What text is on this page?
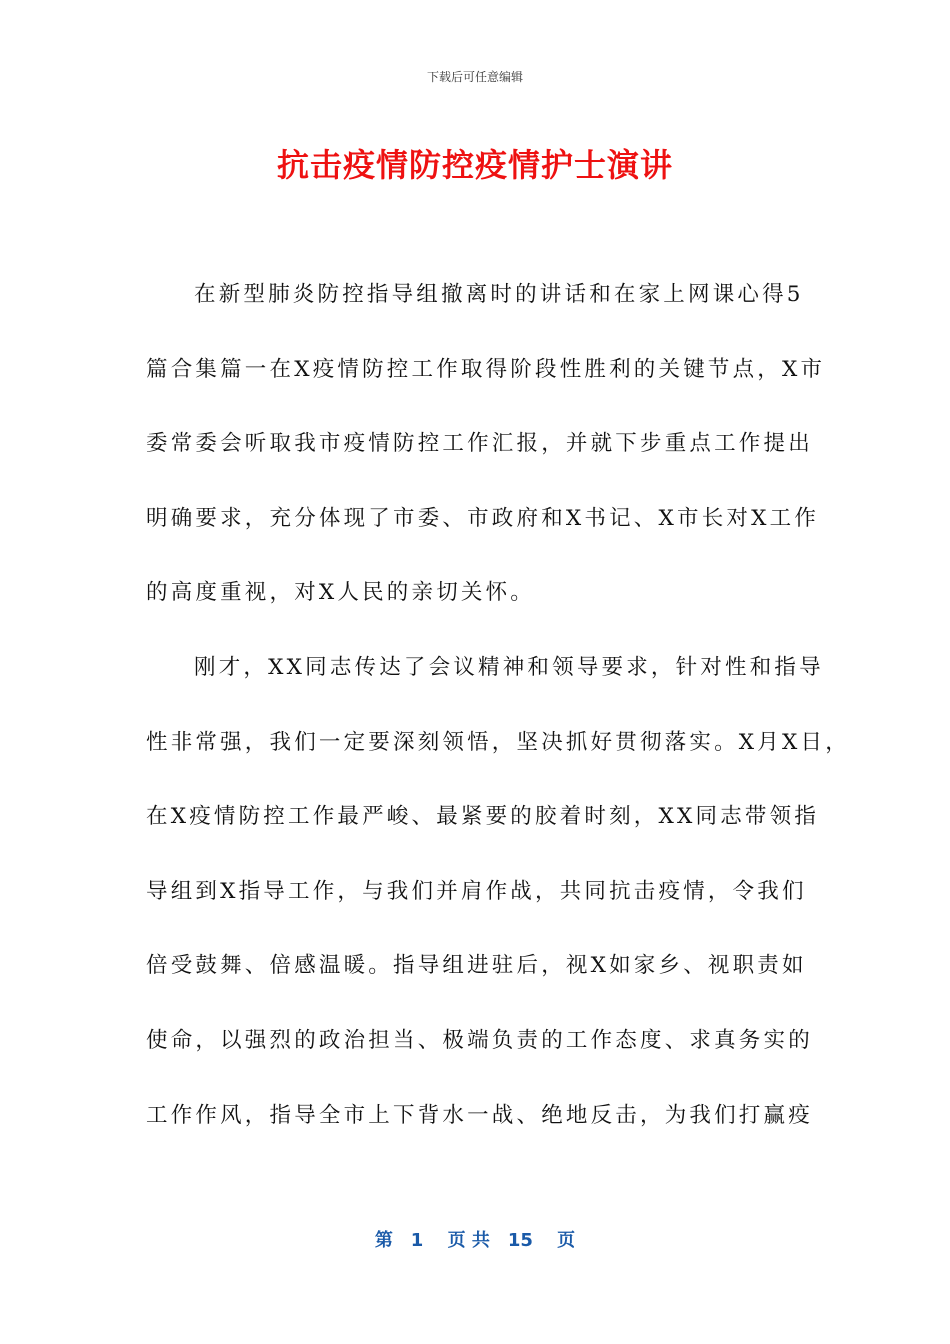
下载后可任意编辑
抗击疫情防控疫情护士演讲
在新型肺炎防控指导组撤离时的讲话和在家上网课心得5
篇合集篇一在X疫情防控工作取得阶段性胜利的关键节点，X市
委常委会听取我市疫情防控工作汇报，并就下步重点工作提出
明确要求，充分体现了市委、市政府和X书记、X市长对X工作
的高度重视，对X人民的亲切关怀。
刚才，XX同志传达了会议精神和领导要求，针对性和指导
性非常强，我们一定要深刻领悟，坚决抓好贯彻落实。X月X日，
在X疫情防控工作最严峻、最紧要的胶着时刻，XX同志带领指
导组到X指导工作，与我们并肩作战，共同抗击疫情，令我们
倍受鼓舞、倍感温暖。指导组进驻后，视X如家乡、视职责如
使命，以强烈的政治担当、极端负责的工作态度、求真务实的
工作作风，指导全市上下背水一战、绝地反击，为我们打赢疫
第　1　 页 共　15　 页
